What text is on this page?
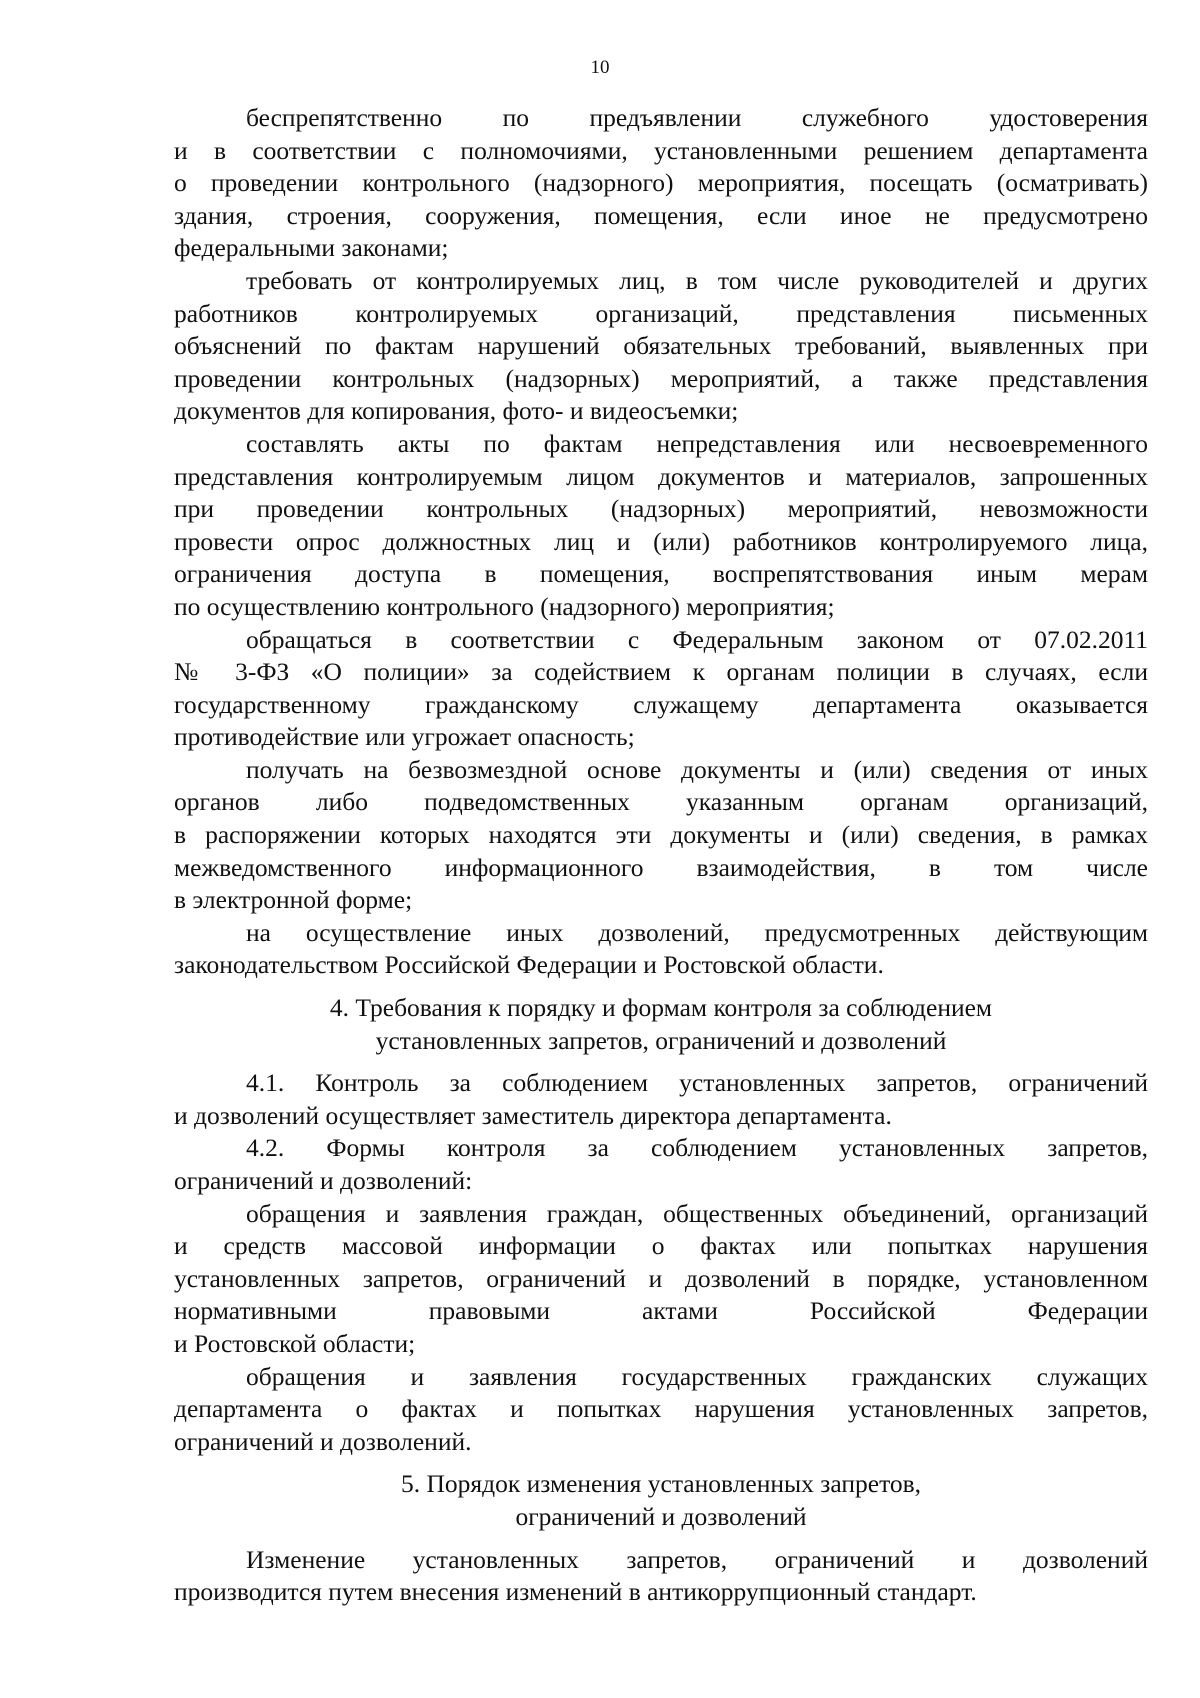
10
беспрепятственно по предъявлении служебного удостоверения
и в соответствии с полномочиями, установленными решением департамента
о проведении контрольного (надзорного) мероприятия, посещать (осматривать)
здания, строения, сооружения, помещения, если иное не предусмотрено
федеральными законами;
требовать от контролируемых лиц, в том числе руководителей и других
работников контролируемых организаций, представления письменных
объяснений по фактам нарушений обязательных требований, выявленных при
проведении контрольных (надзорных) мероприятий, а также представления
документов для копирования, фото- и видеосъемки;
составлять акты по фактам непредставления или несвоевременного
представления контролируемым лицом документов и материалов, запрошенных
при проведении контрольных (надзорных) мероприятий, невозможности
провести опрос должностных лиц и (или) работников контролируемого лица,
ограничения доступа в помещения, воспрепятствования иным мерам
по осуществлению контрольного (надзорного) мероприятия;
обращаться в соответствии с Федеральным законом от 07.02.2011
№ 3-ФЗ «О полиции» за содействием к органам полиции в случаях, если
государственному гражданскому служащему департамента оказывается
противодействие или угрожает опасность;
получать на безвозмездной основе документы и (или) сведения от иных
органов либо подведомственных указанным органам организаций,
в распоряжении которых находятся эти документы и (или) сведения, в рамках
межведомственного информационного взаимодействия, в том числе
в электронной форме;
на осуществление иных дозволений, предусмотренных действующим
законодательством Российской Федерации и Ростовской области.
4. Требования к порядку и формам контроля за соблюдением
установленных запретов, ограничений и дозволений
4.1. Контроль за соблюдением установленных запретов, ограничений
и дозволений осуществляет заместитель директора департамента.
4.2. Формы контроля за соблюдением установленных запретов,
ограничений и дозволений:
обращения и заявления граждан, общественных объединений, организаций
и средств массовой информации о фактах или попытках нарушения
установленных запретов, ограничений и дозволений в порядке, установленном
нормативными правовыми актами Российской Федерации
и Ростовской области;
обращения и заявления государственных гражданских служащих
департамента о фактах и попытках нарушения установленных запретов,
ограничений и дозволений.
5. Порядок изменения установленных запретов,
ограничений и дозволений
Изменение установленных запретов, ограничений и дозволений
производится путем внесения изменений в антикоррупционный стандарт.
